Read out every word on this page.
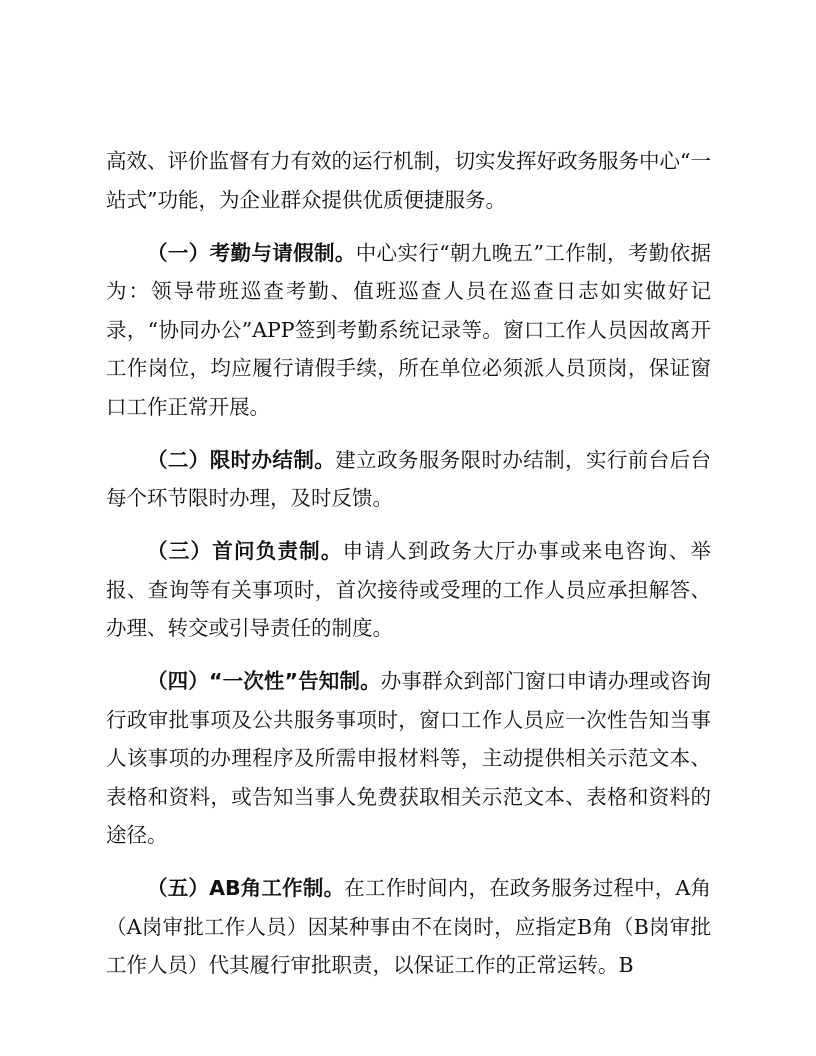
高效、评价监督有力有效的运行机制，切实发挥好政务服务中心“一站式”功能，为企业群众提供优质便捷服务。

（一）考勤与请假制。中心实行“朝九晚五”工作制，考勤依据为：领导带班巡查考勤、值班巡查人员在巡查日志如实做好记录，“协同办公”APP签到考勤系统记录等。窗口工作人员因故离开工作岗位，均应履行请假手续，所在单位必须派人员顶岗，保证窗口工作正常开展。

（二）限时办结制。建立政务服务限时办结制，实行前台后台每个环节限时办理，及时反馈。

（三）首问负责制。申请人到政务大厅办事或来电咨询、举报、查询等有关事项时，首次接待或受理的工作人员应承担解答、办理、转交或引导责任的制度。

（四）“一次性”告知制。办事群众到部门窗口申请办理或咨询行政审批事项及公共服务事项时，窗口工作人员应一次性告知当事人该事项的办理程序及所需申报材料等，主动提供相关示范文本、表格和资料，或告知当事人免费获取相关示范文本、表格和资料的途径。

（五）AB角工作制。在工作时间内，在政务服务过程中，A角（A岗审批工作人员）因某种事由不在岗时，应指定B角（B岗审批工作人员）代其履行审批职责，以保证工作的正常运转。B
